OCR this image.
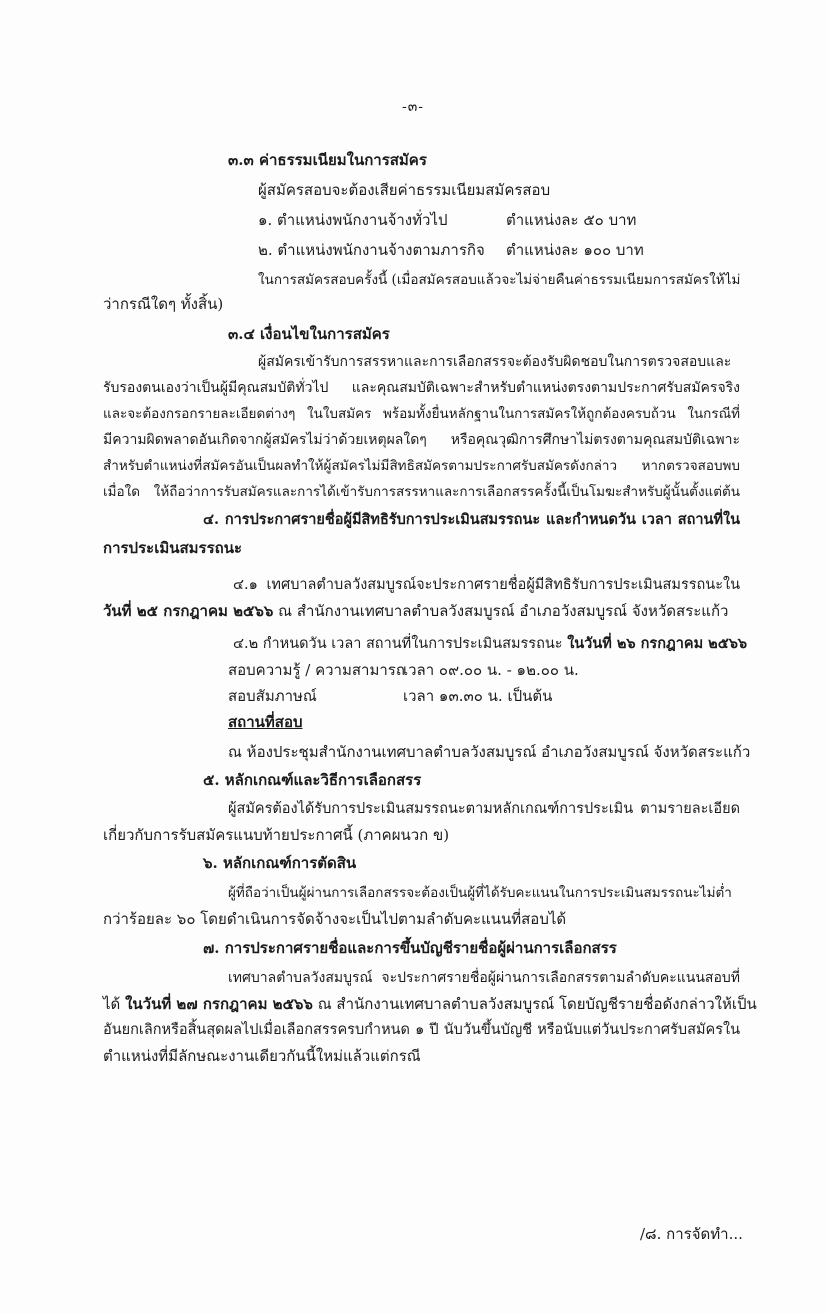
-๓-
๓.๓ ค่าธรรมเนียมในการสมัคร
ผู้สมัครสอบจะต้องเสียค่าธรรมเนียมสมัครสอบ
๑. ตำแหน่งพนักงานจ้างทั่วไป	ตำแหน่งละ ๕๐ บาท
๒. ตำแหน่งพนักงานจ้างตามภารกิจ ตำแหน่งละ ๑๐๐ บาท
ในการสมัครสอบครั้งนี้ (เมื่อสมัครสอบแล้วจะไม่จ่ายคืนค่าธรรมเนียมการสมัครให้ไม่
ว่ากรณีใดๆ ทั้งสิ้น)
๓.๔ เงื่อนไขในการสมัคร
ผู้สมัครเข้ารับการสรรหาและการเลือกสรรจะต้องรับผิดชอบในการตรวจสอบและ
รับรองตนเองว่าเป็นผู้มีคุณสมบัติทั่วไป และคุณสมบัติเฉพาะสำหรับตำแหน่งตรงตามประกาศรับสมัครจริง
และจะต้องกรอกรายละเอียดต่างๆ ในใบสมัคร พร้อมทั้งยื่นหลักฐานในการสมัครให้ถูกต้องครบถ้วน ในกรณีที่
มีความผิดพลาดอันเกิดจากผู้สมัครไม่ว่าด้วยเหตุผลใดๆ หรือคุณวุฒิการศึกษาไม่ตรงตามคุณสมบัติเฉพาะ
สำหรับตำแหน่งที่สมัครอันเป็นผลทำให้ผู้สมัครไม่มีสิทธิสมัครตามประกาศรับสมัครดังกล่าว หากตรวจสอบพบ
เมื่อใด ให้ถือว่าการรับสมัครและการได้เข้ารับการสรรหาและการเลือกสรรครั้งนี้เป็นโมฆะสำหรับผู้นั้นตั้งแต่ต้น
๔. การประกาศรายชื่อผู้มีสิทธิรับการประเมินสมรรถนะ และกำหนดวัน เวลา สถานที่ใน
การประเมินสมรรถนะ
๔.๑ เทศบาลตำบลวังสมบูรณ์จะประกาศรายชื่อผู้มีสิทธิรับการประเมินสมรรถนะใน
วันที่ ๒๕ กรกฎาคม ๒๕๖๖ ณ สำนักงานเทศบาลตำบลวังสมบูรณ์ อำเภอวังสมบูรณ์ จังหวัดสระแก้ว
๔.๒ กำหนดวัน เวลา สถานที่ในการประเมินสมรรถนะ ในวันที่ ๒๖ กรกฎาคม ๒๕๖๖
สอบความรู้ / ความสามารถ
เวลา ๐๙.๐๐ น. - ๑๒.๐๐ น.
สอบสัมภาษณ์	เวลา ๑๓.๓๐ น. เป็นต้น
สถานที่สอบ
ณ ห้องประชุมสำนักงานเทศบาลตำบลวังสมบูรณ์ อำเภอวังสมบูรณ์ จังหวัดสระแก้ว
๕. หลักเกณฑ์และวิธีการเลือกสรร
ผู้สมัครต้องได้รับการประเมินสมรรถนะตามหลักเกณฑ์การประเมิน ตามรายละเอียด
เกี่ยวกับการรับสมัครแนบท้ายประกาศนี้ (ภาคผนวก ข)
๖. หลักเกณฑ์การตัดสิน
ผู้ที่ถือว่าเป็นผู้ผ่านการเลือกสรรจะต้องเป็นผู้ที่ได้รับคะแนนในการประเมินสมรรถนะไม่ต่ำ
กว่าร้อยละ ๖๐ โดยดำเนินการจัดจ้างจะเป็นไปตามลำดับคะแนนที่สอบได้
๗. การประกาศรายชื่อและการขึ้นบัญชีรายชื่อผู้ผ่านการเลือกสรร
เทศบาลตำบลวังสมบูรณ์ จะประกาศรายชื่อผู้ผ่านการเลือกสรรตามลำดับคะแนนสอบที่
ได้ ในวันที่ ๒๗ กรกฎาคม ๒๕๖๖ ณ สำนักงานเทศบาลตำบลวังสมบูรณ์ โดยบัญชีรายชื่อดังกล่าวให้เป็น
อันยกเลิกหรือสิ้นสุดผลไปเมื่อเลือกสรรครบกำหนด ๑ ปี นับวันขึ้นบัญชี หรือนับแต่วันประกาศรับสมัครใน
ตำแหน่งที่มีลักษณะงานเดียวกันนี้ใหม่แล้วแต่กรณี
/๘. การจัดทำ...
